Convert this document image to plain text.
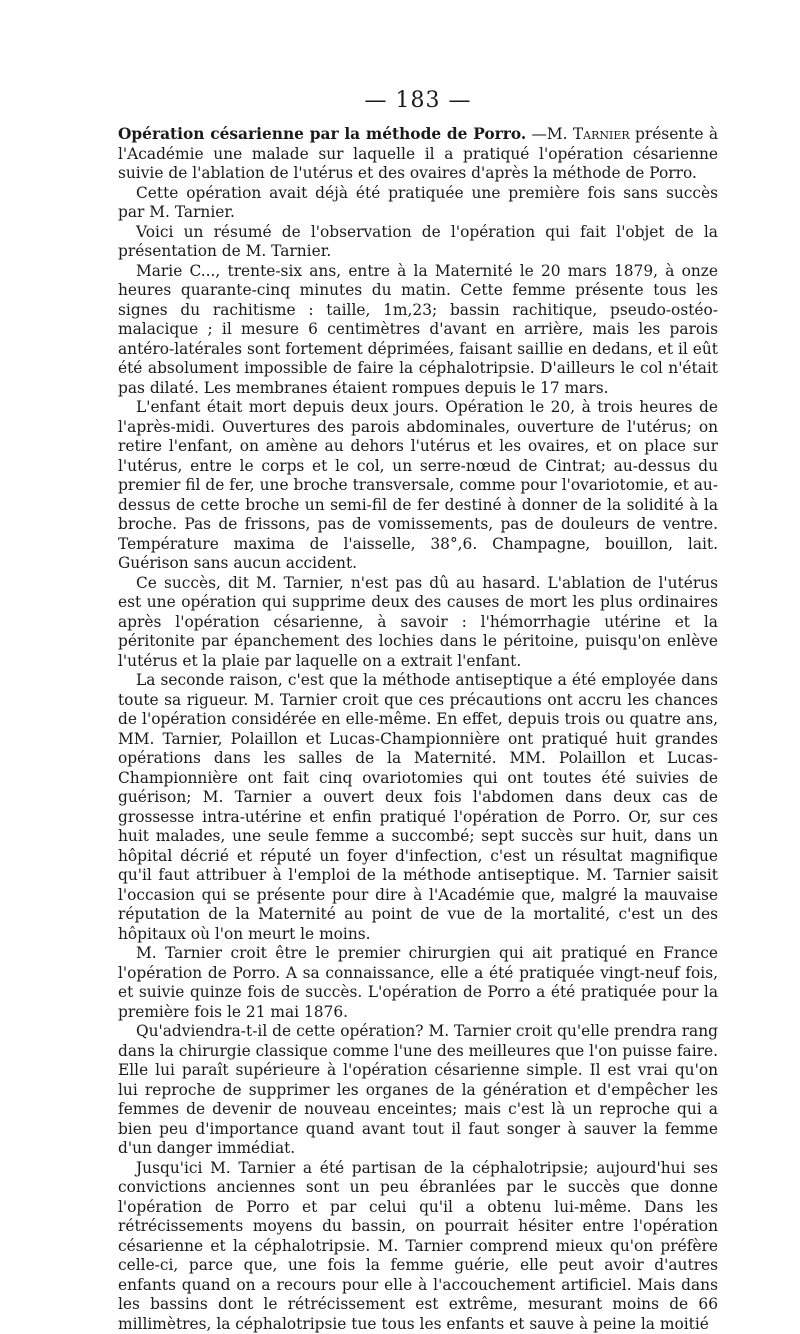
— 183 —

Opération césarienne par la méthode de Porro. —M. Tarnier présente à l'Académie une malade sur laquelle il a pratiqué l'opération césarienne suivie de l'ablation de l'utérus et des ovaires d'après la méthode de Porro.

Cette opération avait déjà été pratiquée une première fois sans succès par M. Tarnier.

Voici un résumé de l'observation de l'opération qui fait l'objet de la présentation de M. Tarnier.

Marie C..., trente-six ans, entre à la Maternité le 20 mars 1879, à onze heures quarante-cinq minutes du matin. Cette femme présente tous les signes du rachitisme : taille, 1m,23; bassin rachitique, pseudo-ostéo-malacique ; il mesure 6 centimètres d'avant en arrière, mais les parois antéro-latérales sont fortement déprimées, faisant saillie en dedans, et il eût été absolument impossible de faire la céphalotripsie. D'ailleurs le col n'était pas dilaté. Les membranes étaient rompues depuis le 17 mars.

L'enfant était mort depuis deux jours. Opération le 20, à trois heures de l'après-midi. Ouvertures des parois abdominales, ouverture de l'utérus; on retire l'enfant, on amène au dehors l'utérus et les ovaires, et on place sur l'utérus, entre le corps et le col, un serre-nœud de Cintrat; au-dessus du premier fil de fer, une broche transversale, comme pour l'ovariotomie, et au-dessus de cette broche un semi-fil de fer destiné à donner de la solidité à la broche. Pas de frissons, pas de vomissements, pas de douleurs de ventre. Température maxima de l'aisselle, 38°,6. Champagne, bouillon, lait. Guérison sans aucun accident.

Ce succès, dit M. Tarnier, n'est pas dû au hasard. L'ablation de l'utérus est une opération qui supprime deux des causes de mort les plus ordinaires après l'opération césarienne, à savoir : l'hémorrhagie utérine et la péritonite par épanchement des lochies dans le péritoine, puisqu'on enlève l'utérus et la plaie par laquelle on a extrait l'enfant.

La seconde raison, c'est que la méthode antiseptique a été employée dans toute sa rigueur. M. Tarnier croit que ces précautions ont accru les chances de l'opération considérée en elle-même. En effet, depuis trois ou quatre ans, MM. Tarnier, Polaillon et Lucas-Championnière ont pratiqué huit grandes opérations dans les salles de la Maternité. MM. Polaillon et Lucas-Championnière ont fait cinq ovariotomies qui ont toutes été suivies de guérison; M. Tarnier a ouvert deux fois l'abdomen dans deux cas de grossesse intra-utérine et enfin pratiqué l'opération de Porro. Or, sur ces huit malades, une seule femme a succombé; sept succès sur huit, dans un hôpital décrié et réputé un foyer d'infection, c'est un résultat magnifique qu'il faut attribuer à l'emploi de la méthode antiseptique. M. Tarnier saisit l'occasion qui se présente pour dire à l'Académie que, malgré la mauvaise réputation de la Maternité au point de vue de la mortalité, c'est un des hôpitaux où l'on meurt le moins.

M. Tarnier croit être le premier chirurgien qui ait pratiqué en France l'opération de Porro. A sa connaissance, elle a été pratiquée vingt-neuf fois, et suivie quinze fois de succès. L'opération de Porro a été pratiquée pour la première fois le 21 mai 1876.

Qu'adviendra-t-il de cette opération? M. Tarnier croit qu'elle prendra rang dans la chirurgie classique comme l'une des meilleures que l'on puisse faire. Elle lui paraît supérieure à l'opération césarienne simple. Il est vrai qu'on lui reproche de supprimer les organes de la génération et d'empêcher les femmes de devenir de nouveau enceintes; mais c'est là un reproche qui a bien peu d'importance quand avant tout il faut songer à sauver la femme d'un danger immédiat.

Jusqu'ici M. Tarnier a été partisan de la céphalotripsie; aujourd'hui ses convictions anciennes sont un peu ébranlées par le succès que donne l'opération de Porro et par celui qu'il a obtenu lui-même. Dans les rétrécissements moyens du bassin, on pourrait hésiter entre l'opération césarienne et la céphalotripsie. M. Tarnier comprend mieux qu'on préfère celle-ci, parce que, une fois la femme guérie, elle peut avoir d'autres enfants quand on a recours pour elle à l'accouchement artificiel. Mais dans les bassins dont le rétrécissement est extrême, mesurant moins de 66 millimètres, la céphalotripsie tue tous les enfants et sauve à peine la moitié
